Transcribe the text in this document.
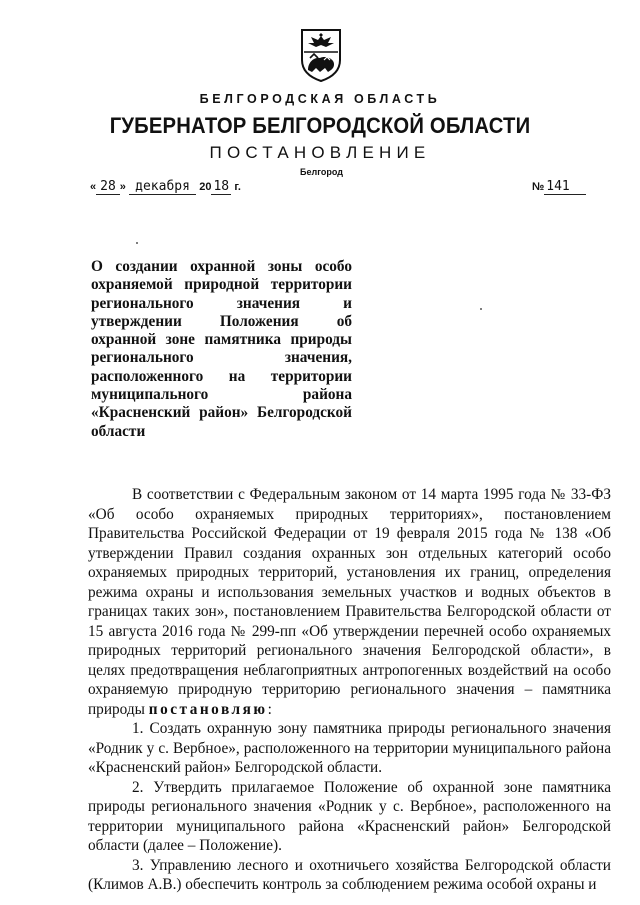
БЕЛГОРОДСКАЯ ОБЛАСТЬ
ГУБЕРНАТОР БЕЛГОРОДСКОЙ ОБЛАСТИ
ПОСТАНОВЛЕНИЕ
Белгород
« 28 » декабря 20 18 г.	№ 141
О создании охранной зоны особо охраняемой природной территории регионального значения и утверждении Положения об охранной зоне памятника природы регионального значения, расположенного на территории муниципального района «Красненский район» Белгородской области

В соответствии с Федеральным законом от 14 марта 1995 года № 33-ФЗ «Об особо охраняемых природных территориях», постановлением Правительства Российской Федерации от 19 февраля 2015 года № 138 «Об утверждении Правил создания охранных зон отдельных категорий особо охраняемых природных территорий, установления их границ, определения режима охраны и использования земельных участков и водных объектов в границах таких зон», постановлением Правительства Белгородской области от 15 августа 2016 года № 299-пп «Об утверждении перечней особо охраняемых природных территорий регионального значения Белгородской области», в целях предотвращения неблагоприятных антропогенных воздействий на особо охраняемую природную территорию регионального значения – памятника природы постановляю:

1. Создать охранную зону памятника природы регионального значения «Родник у с. Вербное», расположенного на территории муниципального района «Красненский район» Белгородской области.

2. Утвердить прилагаемое Положение об охранной зоне памятника природы регионального значения «Родник у с. Вербное», расположенного на территории муниципального района «Красненский район» Белгородской области (далее – Положение).

3. Управлению лесного и охотничьего хозяйства Белгородской области (Климов А.В.) обеспечить контроль за соблюдением режима особой охраны и
